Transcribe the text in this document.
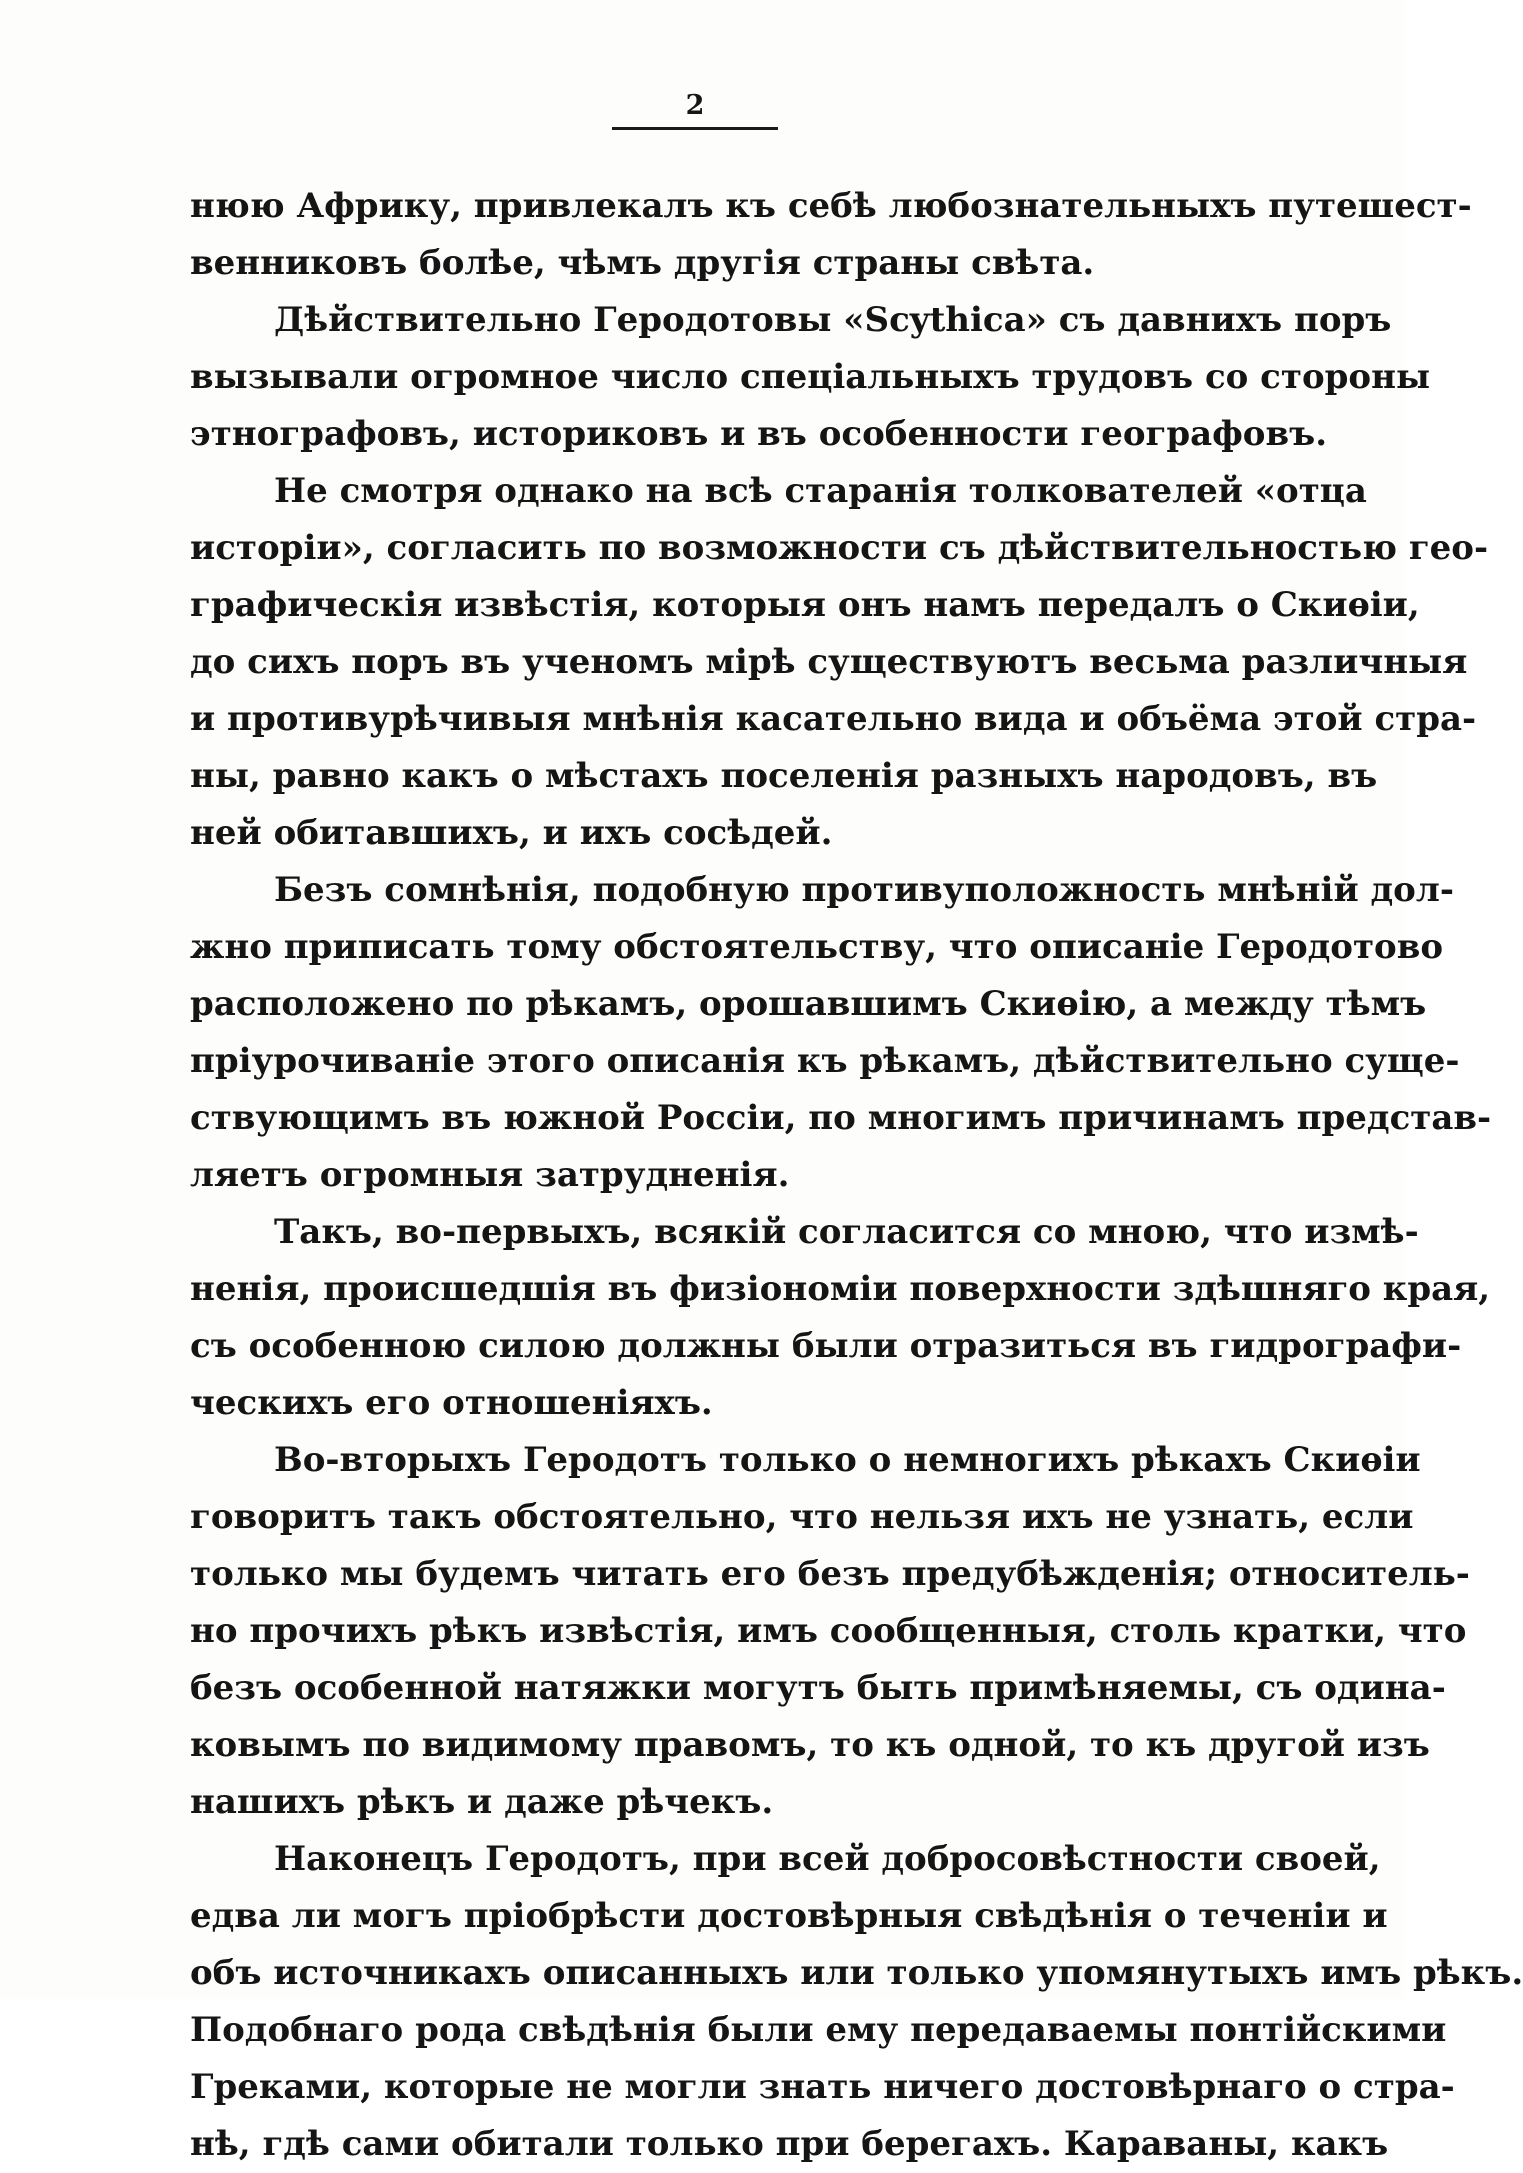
2
нюю Африку, привлекалъ къ себѣ любознательныхъ путешест-
венниковъ болѣе, чѣмъ другія страны свѣта.
Дѣйствительно Геродотовы «Scythica» съ давнихъ поръ
вызывали огромное число спеціальныхъ трудовъ со стороны
этнографовъ, историковъ и въ особенности географовъ.
Не смотря однако на всѣ старанія толкователей «отца
исторіи», согласить по возможности съ дѣйствительностью гео-
графическія извѣстія, которыя онъ намъ передалъ о Скиѳіи,
до сихъ поръ въ ученомъ мірѣ существуютъ весьма различныя
и противурѣчивыя мнѣнія касательно вида и объёма этой стра-
ны, равно какъ о мѣстахъ поселенія разныхъ народовъ, въ
ней обитавшихъ, и ихъ сосѣдей.
Безъ сомнѣнія, подобную противуположность мнѣній дол-
жно приписать тому обстоятельству, что описаніе Геродотово
расположено по рѣкамъ, орошавшимъ Скиѳію, а между тѣмъ
пріурочиваніе этого описанія къ рѣкамъ, дѣйствительно суще-
ствующимъ въ южной Россіи, по многимъ причинамъ представ-
ляетъ огромныя затрудненія.
Такъ, во-первыхъ, всякій согласится со мною, что измѣ-
ненія, происшедшія въ физіономіи поверхности здѣшняго края,
съ особенною силою должны были отразиться въ гидрографи-
ческихъ его отношеніяхъ.
Во-вторыхъ Геродотъ только о немногихъ рѣкахъ Скиѳіи
говоритъ такъ обстоятельно, что нельзя ихъ не узнать, если
только мы будемъ читать его безъ предубѣжденія; относитель-
но прочихъ рѣкъ извѣстія, имъ сообщенныя, столь кратки, что
безъ особенной натяжки могутъ быть примѣняемы, съ одина-
ковымъ по видимому правомъ, то къ одной, то къ другой изъ
нашихъ рѣкъ и даже рѣчекъ.
Наконецъ Геродотъ, при всей добросовѣстности своей,
едва ли могъ пріобрѣсти достовѣрныя свѣдѣнія о теченіи и
объ источникахъ описанныхъ или только упомянутыхъ имъ рѣкъ.
Подобнаго рода свѣдѣнія были ему передаваемы понтійскими
Греками, которые не могли знать ничего достовѣрнаго о стра-
нѣ, гдѣ сами обитали только при берегахъ. Караваны, какъ
